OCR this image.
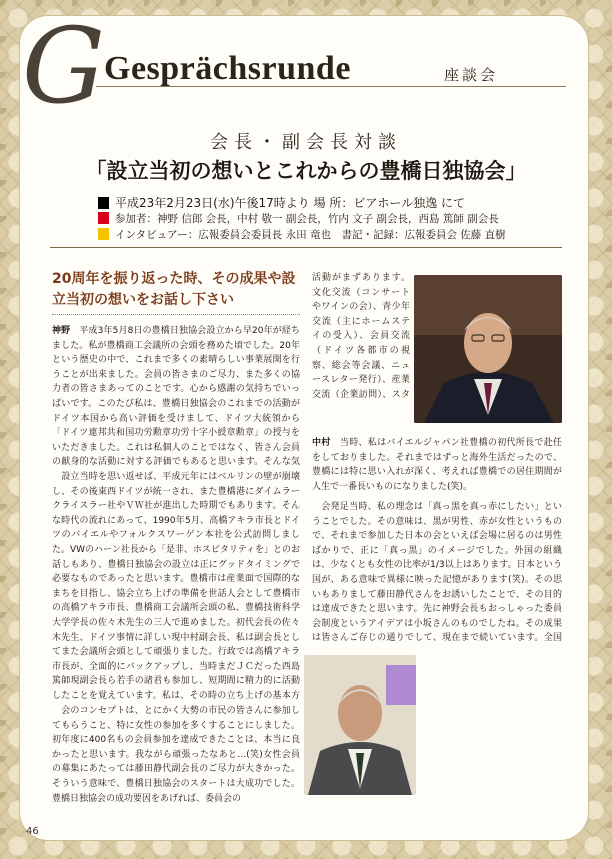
G
Gesprächsrunde	座談会
会長・副会長対談
「設立当初の想いとこれからの豊橋日独協会」
平成23年2月23日(水)午後17時より 場 所：ビアホール独逸 にて
参加者：神野 信郎 会長，中村 敬一 副会長，竹内 文子 副会長，西島 篤師 副会長
インタビュアー：広報委員会委員長 永田 竜也　書記・記録：広報委員会 佐藤 直樹
20周年を振り返った時、その成果や設立当初の想いをお話し下さい

神野　平成3年5月8日の豊橋日独協会設立から早20年が経ちました。私が豊橋商工会議所の会頭を務めた頃でした。20年という歴史の中で、これまで多くの素晴らしい事業展開を行うことが出来ました。会員の皆さまのご尽力、また多くの協力者の皆さまあってのことです。心から感謝の気持ちでいっぱいです。このたび私は、豊橋日独協会のこれまでの活動がドイツ本国から高い評価を受けまして、ドイツ大統領から「ドイツ連邦共和国功労勲章功労十字小綬章勲章」の授与をいただきました。これは私個人のことではなく、皆さん会員の献身的な活動に対する評価でもあると思います。そんな気

　設立当時を思い返せば、平成元年にはベルリンの壁が崩壊し、その後東西ドイツが統一され、また豊橋港にダイムラークライスラー社やＶＷ社が進出した時期でもあります。そんな時代の流れにあって、1990年5月、高橋アキラ市長とドイツのバイエルやフォルクスワーゲン本社を公式訪問しました。VWのハーン社長から「是非、ホスピタリティを」とのお話しもあり、豊橋日独協会の設立は正にグッドタイミングで必要なものであったと思います。豊橋市は産業面で国際的なまちを目指し、協会立ち上げの準備を世話人会として豊橋市の高橋アキラ市長、豊橋商工会議所会頭の私、豊橋技術科学大学学長の佐々木先生の三人で進めました。初代会長の佐々木先生、ドイツ事情に詳しい現中村副会長、私は副会長としてまた会議所会頭として頑張りました。行政では高橋アキラ市長が、全面的にバックアップし、当時まだＪＣだった西島篤師現副会長ら若手の諸君も参加し、短期間に精力的に活動したことを覚えています。私は、その時の立ち上げの基本方

　会のコンセプトは、とにかく大勢の市民の皆さんに参加してもらうこと、特に女性の参加を多くすることにしました。初年度に400名もの会員参加を達成できたことは、本当に良かったと思います。我ながら頑張ったなあと…(笑)女性会員の募集にあたっては藤田静代副会長のご尽力が大きかった。そういう意味で、豊橋日独協会のスタートは大成功でした。豊橋日独協会の成功要因をあげれば、委員会の

活動がまずあります。文化交流（コンサートやワインの会）、青少年交流（主にホームステイの受入）、会員交流（ドイツ各都市の視察、総会等会議、ニュースレター発行）、産業交流（企業訪問）、スタ

中村　当時、私はバイエルジャパン社豊橋の初代所長で赴任をしておりました。それまではずっと海外生活だったので、豊橋には特に思い入れが深く、考えれば豊橋での居住期間が人生で一番長いものになりました(笑)。

　会発足当時、私の理念は「真っ黒を真っ赤にしたい」ということでした。その意味は、黒が男性、赤が女性というもので、それまで参加した日本の会といえば会場に居るのは男性ばかりで、正に「真っ黒」のイメージでした。外国の組織は、少なくとも女性の比率が1/3以上はあります。日本という国が、ある意味で異様に映った記憶があります(笑)。その思いもありまして藤田静代さんをお誘いしたことで、その目的は達成できたと思います。先に神野会長もおっしゃった委員会制度というアイデアは小坂さんのものでしたね。その成果は皆さんご存じの通りでして、現在まで続いています。全国

46
